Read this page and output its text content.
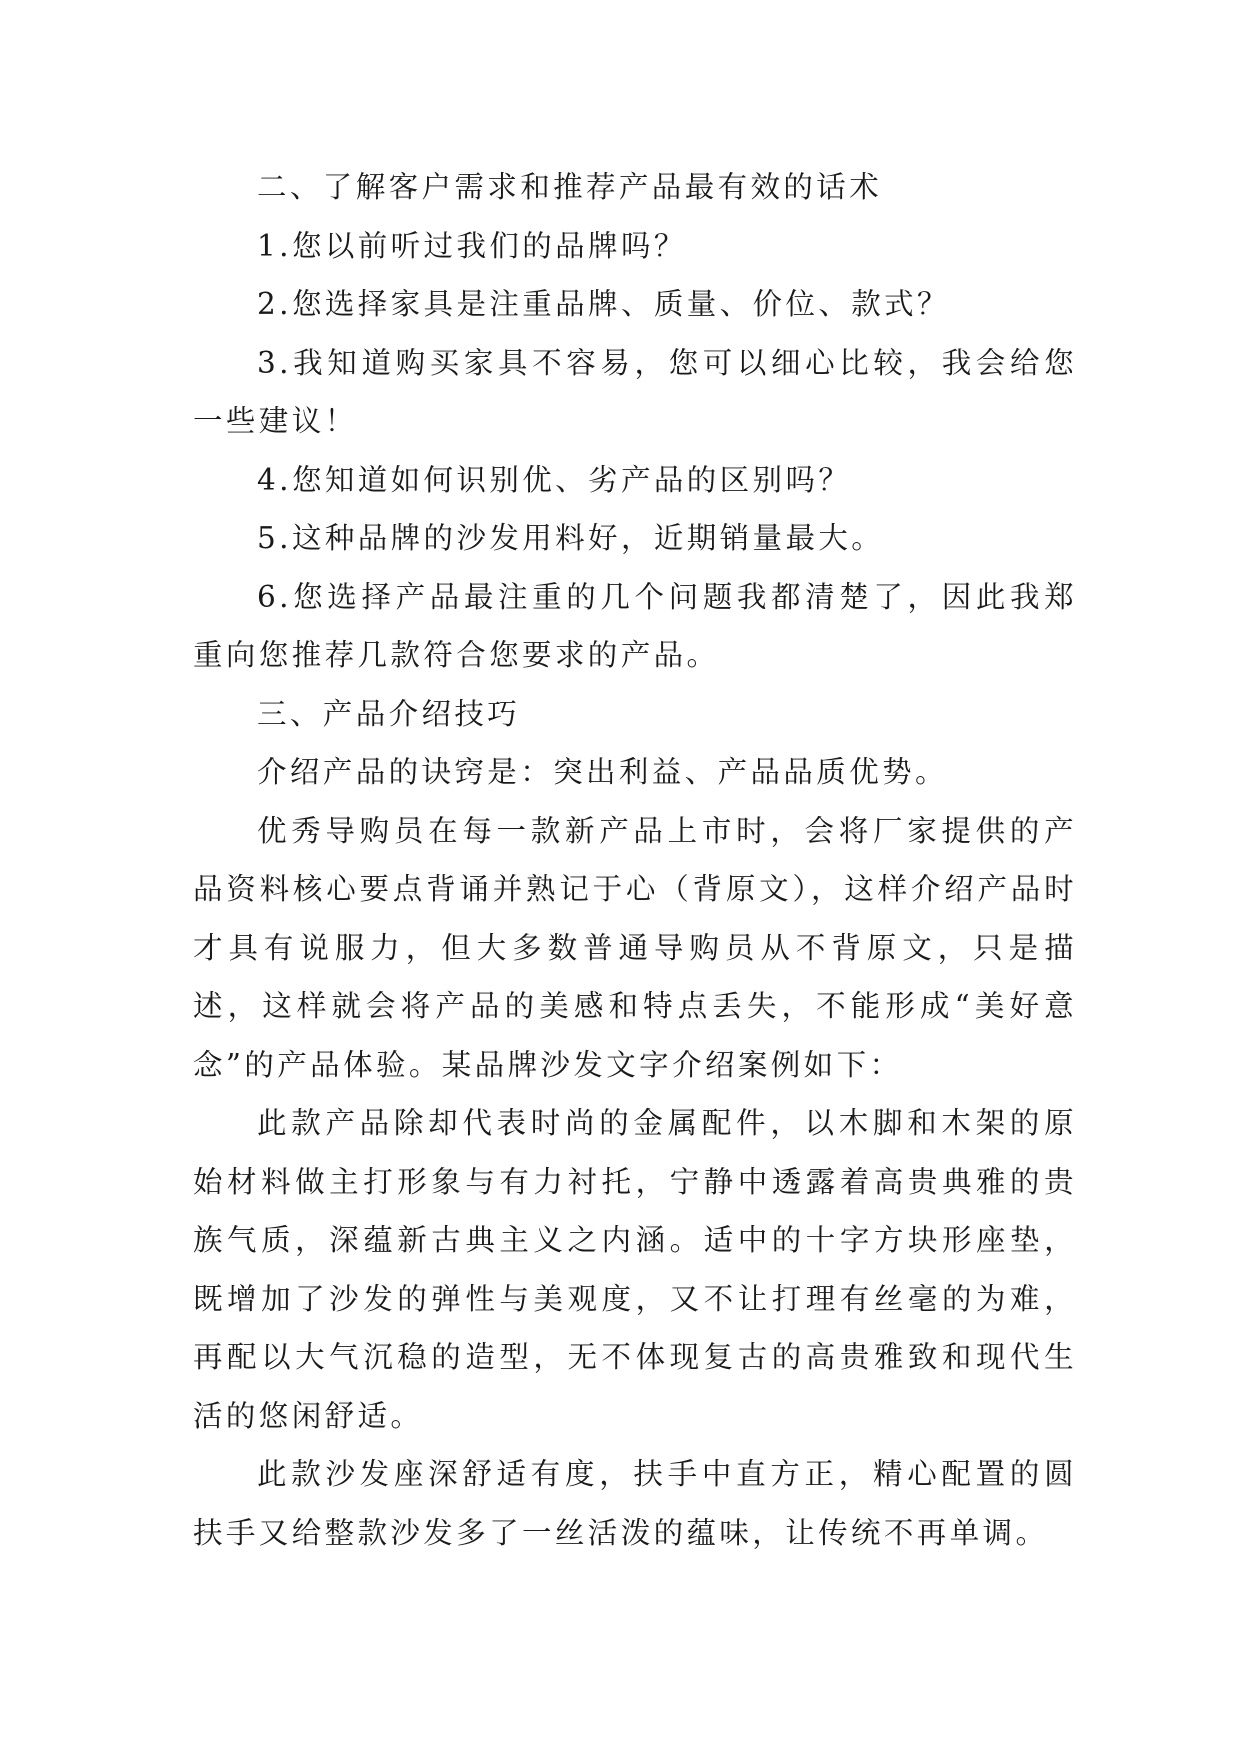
二、了解客户需求和推荐产品最有效的话术

1.您以前听过我们的品牌吗？

2.您选择家具是注重品牌、质量、价位、款式？

3.我知道购买家具不容易，您可以细心比较，我会给您一些建议！

4.您知道如何识别优、劣产品的区别吗？

5.这种品牌的沙发用料好，近期销量最大。

6.您选择产品最注重的几个问题我都清楚了，因此我郑重向您推荐几款符合您要求的产品。

三、产品介绍技巧

介绍产品的诀窍是：突出利益、产品品质优势。

优秀导购员在每一款新产品上市时，会将厂家提供的产品资料核心要点背诵并熟记于心（背原文），这样介绍产品时才具有说服力，但大多数普通导购员从不背原文，只是描述，这样就会将产品的美感和特点丢失，不能形成“美好意念”的产品体验。某品牌沙发文字介绍案例如下：

此款产品除却代表时尚的金属配件，以木脚和木架的原始材料做主打形象与有力衬托，宁静中透露着高贵典雅的贵族气质，深蕴新古典主义之内涵。适中的十字方块形座垫，既增加了沙发的弹性与美观度，又不让打理有丝毫的为难，再配以大气沉稳的造型，无不体现复古的高贵雅致和现代生活的悠闲舒适。

此款沙发座深舒适有度，扶手中直方正，精心配置的圆扶手又给整款沙发多了一丝活泼的蕴味，让传统不再单调。
